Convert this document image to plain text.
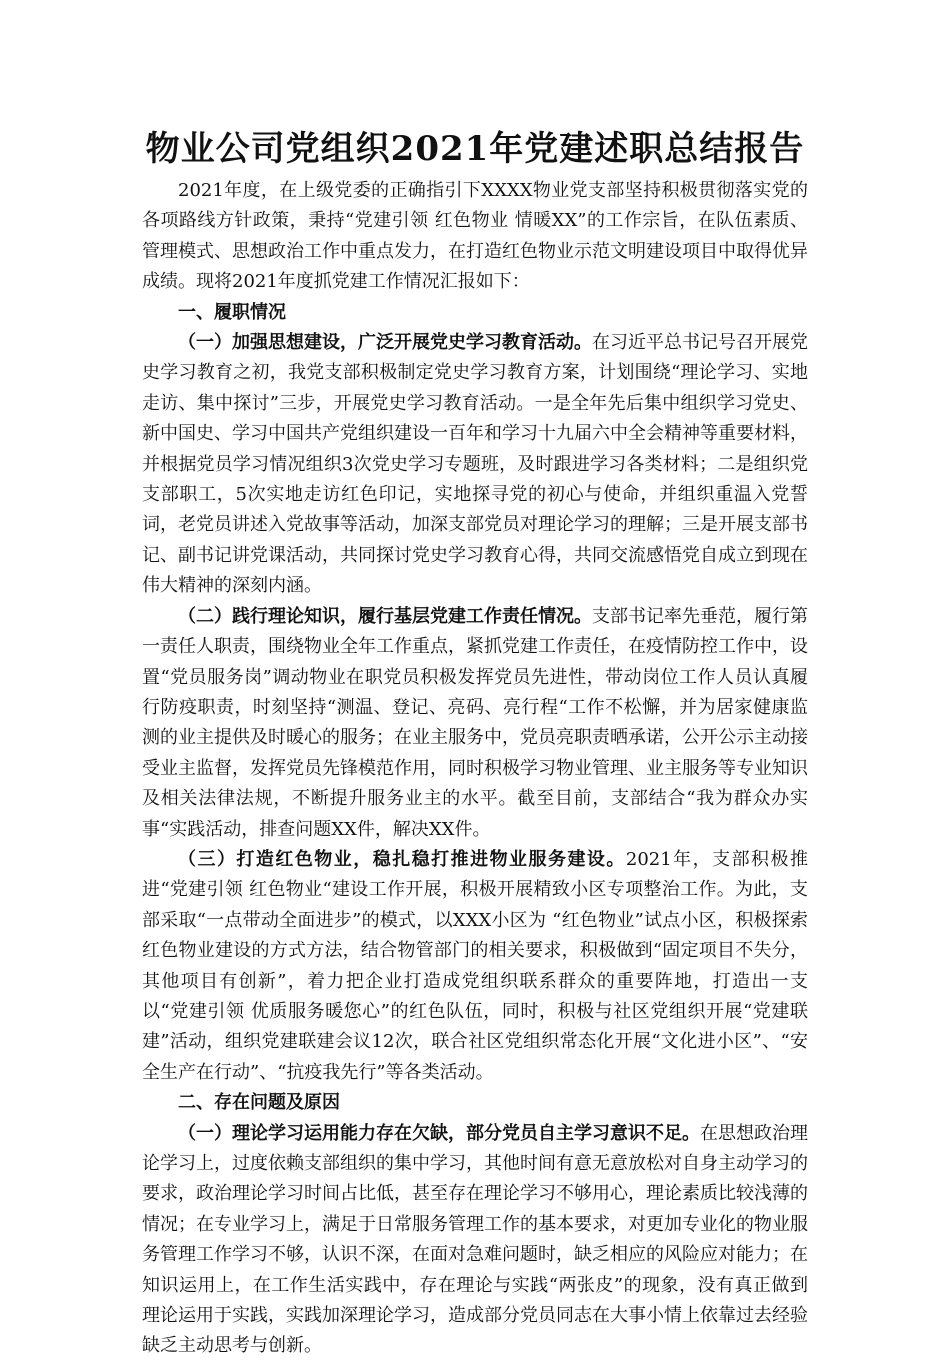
物业公司党组织2021年党建述职总结报告

2021年度，在上级党委的正确指引下XXXX物业党支部坚持积极贯彻落实党的各项路线方针政策，秉持“党建引领 红色物业 情暖XX”的工作宗旨，在队伍素质、管理模式、思想政治工作中重点发力，在打造红色物业示范文明建设项目中取得优异成绩。现将2021年度抓党建工作情况汇报如下：

一、履职情况

（一）加强思想建设，广泛开展党史学习教育活动。在习近平总书记号召开展党史学习教育之初，我党支部积极制定党史学习教育方案，计划围绕“理论学习、实地走访、集中探讨”三步，开展党史学习教育活动。一是全年先后集中组织学习党史、新中国史、学习中国共产党组织建设一百年和学习十九届六中全会精神等重要材料，并根据党员学习情况组织3次党史学习专题班，及时跟进学习各类材料；二是组织党支部职工，5次实地走访红色印记，实地探寻党的初心与使命，并组织重温入党誓词，老党员讲述入党故事等活动，加深支部党员对理论学习的理解；三是开展支部书记、副书记讲党课活动，共同探讨党史学习教育心得，共同交流感悟党自成立到现在伟大精神的深刻内涵。

（二）践行理论知识，履行基层党建工作责任情况。支部书记率先垂范，履行第一责任人职责，围绕物业全年工作重点，紧抓党建工作责任，在疫情防控工作中，设置“党员服务岗”调动物业在职党员积极发挥党员先进性，带动岗位工作人员认真履行防疫职责，时刻坚持“测温、登记、亮码、亮行程“工作不松懈，并为居家健康监测的业主提供及时暖心的服务；在业主服务中，党员亮职责晒承诺，公开公示主动接受业主监督，发挥党员先锋模范作用，同时积极学习物业管理、业主服务等专业知识及相关法律法规，不断提升服务业主的水平。截至目前，支部结合“我为群众办实事“实践活动，排查问题XX件，解决XX件。

（三）打造红色物业，稳扎稳打推进物业服务建设。2021年，支部积极推进“党建引领 红色物业“建设工作开展，积极开展精致小区专项整治工作。为此，支部采取“一点带动全面进步”的模式，以XXX小区为 “红色物业”试点小区，积极探索红色物业建设的方式方法，结合物管部门的相关要求，积极做到“固定项目不失分，其他项目有创新”，着力把企业打造成党组织联系群众的重要阵地，打造出一支以“党建引领 优质服务暖您心”的红色队伍，同时，积极与社区党组织开展“党建联建”活动，组织党建联建会议12次，联合社区党组织常态化开展“文化进小区”、“安全生产在行动”、“抗疫我先行”等各类活动。

二、存在问题及原因

（一）理论学习运用能力存在欠缺，部分党员自主学习意识不足。在思想政治理论学习上，过度依赖支部组织的集中学习，其他时间有意无意放松对自身主动学习的要求，政治理论学习时间占比低，甚至存在理论学习不够用心，理论素质比较浅薄的情况；在专业学习上，满足于日常服务管理工作的基本要求，对更加专业化的物业服务管理工作学习不够，认识不深，在面对急难问题时，缺乏相应的风险应对能力；在知识运用上，在工作生活实践中，存在理论与实践“两张皮”的现象，没有真正做到理论运用于实践，实践加深理论学习，造成部分党员同志在大事小情上依靠过去经验缺乏主动思考与创新。
